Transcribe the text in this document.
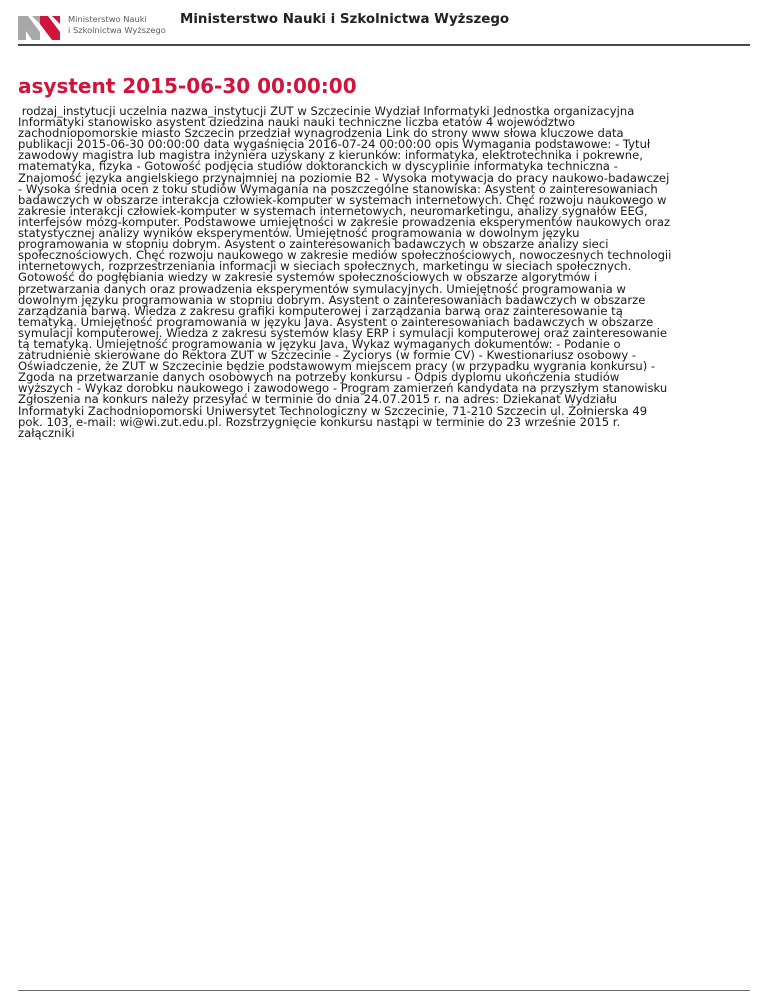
Ministerstwo Nauki
i Szkolnictwa Wyższego
Ministerstwo Nauki i Szkolnictwa Wyższego
asystent 2015-06-30 00:00:00
rodzaj_instytucji uczelnia nazwa_instytucji ZUT w Szczecinie Wydział Informatyki Jednostka organizacyjna
Informatyki stanowisko asystent dziedzina nauki nauki techniczne liczba etatów 4 województwo
zachodniopomorskie miasto Szczecin przedział wynagrodzenia Link do strony www słowa kluczowe data
publikacji 2015-06-30 00:00:00 data wygaśnięcia 2016-07-24 00:00:00 opis Wymagania podstawowe: - Tytuł
zawodowy magistra lub magistra inżyniera uzyskany z kierunków: informatyka, elektrotechnika i pokrewne,
matematyka, fizyka - Gotowość podjęcia studiów doktoranckich w dyscyplinie informatyka techniczna -
Znajomość języka angielskiego przynajmniej na poziomie B2 - Wysoka motywacja do pracy naukowo-badawczej
- Wysoka średnia ocen z toku studiów Wymagania na poszczególne stanowiska: Asystent o zainteresowaniach
badawczych w obszarze interakcja człowiek-komputer w systemach internetowych. Chęć rozwoju naukowego w
zakresie interakcji człowiek-komputer w systemach internetowych, neuromarketingu, analizy sygnałów EEG,
interfejsów mózg-komputer. Podstawowe umiejętności w zakresie prowadzenia eksperymentów naukowych oraz
statystycznej analizy wyników eksperymentów. Umiejętność programowania w dowolnym języku
programowania w stopniu dobrym. Asystent o zainteresowanich badawczych w obszarze analizy sieci
społecznościowych. Chęć rozwoju naukowego w zakresie mediów społecznościowych, nowoczesnych technologii
internetowych, rozprzestrzeniania informacji w sieciach społecznych, marketingu w sieciach społecznych.
Gotowość do pogłębiania wiedzy w zakresie systemów społecznościowych w obszarze algorytmów i
przetwarzania danych oraz prowadzenia eksperymentów symulacyjnych. Umiejętność programowania w
dowolnym języku programowania w stopniu dobrym. Asystent o zainteresowaniach badawczych w obszarze
zarządzania barwą. Wiedza z zakresu grafiki komputerowej i zarządzania barwą oraz zainteresowanie tą
tematyką. Umiejętność programowania w języku Java. Asystent o zainteresowaniach badawczych w obszarze
symulacji komputerowej. Wiedza z zakresu systemów klasy ERP i symulacji komputerowej oraz zainteresowanie
tą tematyką. Umiejętność programowania w języku Java. Wykaz wymaganych dokumentów: - Podanie o
zatrudnienie skierowane do Rektora ZUT w Szczecinie - Życiorys (w formie CV) - Kwestionariusz osobowy -
Oświadczenie, że ZUT w Szczecinie będzie podstawowym miejscem pracy (w przypadku wygrania konkursu) -
Zgoda na przetwarzanie danych osobowych na potrzeby konkursu - Odpis dyplomu ukończenia studiów
wyższych - Wykaz dorobku naukowego i zawodowego - Program zamierzeń kandydata na przyszłym stanowisku
Zgłoszenia na konkurs należy przesyłać w terminie do dnia 24.07.2015 r. na adres: Dziekanat Wydziału
Informatyki Zachodniopomorski Uniwersytet Technologiczny w Szczecinie, 71-210 Szczecin ul. Żołnierska 49
pok. 103, e-mail: wi@wi.zut.edu.pl. Rozstrzygnięcie konkursu nastąpi w terminie do 23 wrześnie 2015 r.
załączniki
